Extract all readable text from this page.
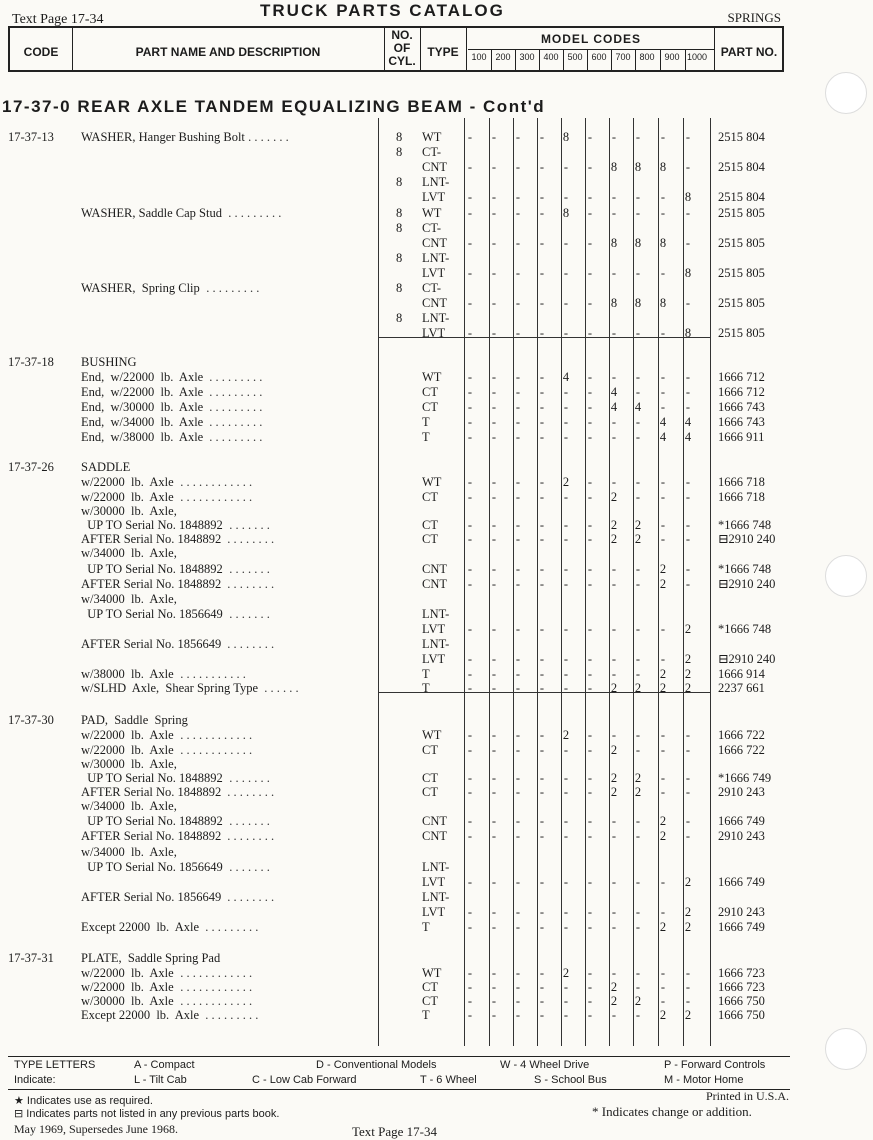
Text Page 17-34	TRUCK PARTS CATALOG	SPRINGS
CODE	PART NAME AND DESCRIPTION
NO.
OF
CYL.
TYPE
MODEL CODES
100 200 300 400 500 600 700 800	900 1000	PART NO.
17-37-0 REAR AXLE TANDEM EQUALIZING BEAM - Cont'd
17-37-13 WASHER, Hanger Bushing Bolt . . . . . . .	8 WT	-	-	-	-	8	-	-	-	-	-	2515 804
8 CT-
CNT	-	-	-	-	-	-	8	8	8	-	2515 804
8 LNT-
LVT	-	-	-	-	-	-	-	-	-	8	2515 804
WASHER, Saddle Cap Stud . . . . . . . . .	8 WT	-	-	-	-	8	-	-	-	-	-	2515 805
8 CT-
CNT	-	-	-	-	-	-	8	8	8	-	2515 805
8 LNT-
LVT	-	-	-	-	-	-	-	-	-	8	2515 805
WASHER,  Spring Clip . . . . . . . . .	8 CT-
CNT	-	-	-	-	-	-	8	8	8	-	2515 805
8 LNT-
LVT	-	-	-	-	-	-	-	-	-	8	2515 805
17-37-18 BUSHING
End,  w/22000  lb.  Axle . . . . . . . . .	WT	-	-	-	-	4	-	-	-	-	-	1666 712
End,  w/22000  lb.  Axle . . . . . . . . .	CT	-	-	-	-	-	-	4	-	-	-	1666 712
End,  w/30000  lb.  Axle . . . . . . . . .	CT	-	-	-	-	-	-	4	4	-	-	1666 743
End,  w/34000  lb.  Axle . . . . . . . . .	T	-	-	-	-	-	-	-	-	4	4	1666 743
End,  w/38000  lb.  Axle . . . . . . . . .	T	-	-	-	-	-	-	-	-	4	4	1666 911
17-37-26 SADDLE
w/22000  lb.  Axle . . . . . . . . . . . .	WT	-	-	-	-	2	-	-	-	-	-	1666 718
w/22000  lb.  Axle . . . . . . . . . . . .	CT	-	-	-	-	-	-	2	-	-	-	1666 718
w/30000  lb.  Axle,
UP TO Serial No. 1848892 . . . . . . .	CT	-	-	-	-	-	-	2	2	-	-	*1666 748
AFTER Serial No. 1848892 . . . . . . . .	CT	-	-	-	-	-	-	2	2	-	-	⊟2910 240
w/34000  lb.  Axle,
UP TO Serial No. 1848892 . . . . . . .	CNT	-	-	-	-	-	-	-	-	2	-	*1666 748
AFTER Serial No. 1848892 . . . . . . . .	CNT	-	-	-	-	-	-	-	-	2	-	⊟2910 240
w/34000  lb.  Axle,
UP TO Serial No. 1856649 . . . . . . .	LNT-
LVT	-	-	-	-	-	-	-	-	-	2	*1666 748
AFTER Serial No. 1856649 . . . . . . . .	LNT-
LVT	-	-	-	-	-	-	-	-	-	2	⊟2910 240
w/38000  lb.  Axle . . . . . . . . . . .	T	-	-	-	-	-	-	-	-	2	2	1666 914
w/SLHD  Axle,  Shear Spring Type . . . . . .	T	-	-	-	-	-	-	2	2	2	2	2237 661
17-37-30 PAD,  Saddle  Spring
w/22000  lb.  Axle . . . . . . . . . . . .	WT	-	-	-	-	2	-	-	-	-	-	1666 722
w/22000  lb.  Axle . . . . . . . . . . . .	CT	-	-	-	-	-	-	2	-	-	-	1666 722
w/30000  lb.  Axle,
UP TO Serial No. 1848892 . . . . . . .	CT	-	-	-	-	-	-	2	2	-	-	*1666 749
AFTER Serial No. 1848892 . . . . . . . .	CT	-	-	-	-	-	-	2	2	-	-	2910 243
w/34000  lb.  Axle,
UP TO Serial No. 1848892 . . . . . . .	CNT	-	-	-	-	-	-	-	-	2	-	1666 749
AFTER Serial No. 1848892 . . . . . . . .	CNT	-	-	-	-	-	-	-	-	2	-	2910 243
w/34000  lb.  Axle,
UP TO Serial No. 1856649 . . . . . . .	LNT-
LVT	-	-	-	-	-	-	-	-	-	2	1666 749
AFTER Serial No. 1856649 . . . . . . . .	LNT-
LVT	-	-	-	-	-	-	-	-	-	2	2910 243
Except 22000  lb.  Axle . . . . . . . . .	T	-	-	-	-	-	-	-	-	2	2	1666 749
17-37-31 PLATE,  Saddle Spring Pad
w/22000  lb.  Axle . . . . . . . . . . . .	WT	-	-	-	-	2	-	-	-	-	-	1666 723
w/22000  lb.  Axle . . . . . . . . . . . .	CT	-	-	-	-	-	-	2	-	-	-	1666 723
w/30000  lb.  Axle . . . . . . . . . . . .	CT	-	-	-	-	-	-	2	2	-	-	1666 750
Except 22000  lb.  Axle . . . . . . . . .	T	-	-	-	-	-	-	-	-	2	2	1666 750
TYPE LETTERS
Indicate:
A - Compact
L - Tilt Cab	C - Low Cab Forward
D - Conventional Models
T - 6 Wheel
W - 4 Wheel Drive
S - School Bus
P - Forward Controls
M - Motor Home
★ Indicates use as required.
⊟ Indicates parts not listed in any previous parts book.
May 1969, Supersedes June 1968.	Text Page 17-34
Printed in U.S.A.
* Indicates change or addition.
